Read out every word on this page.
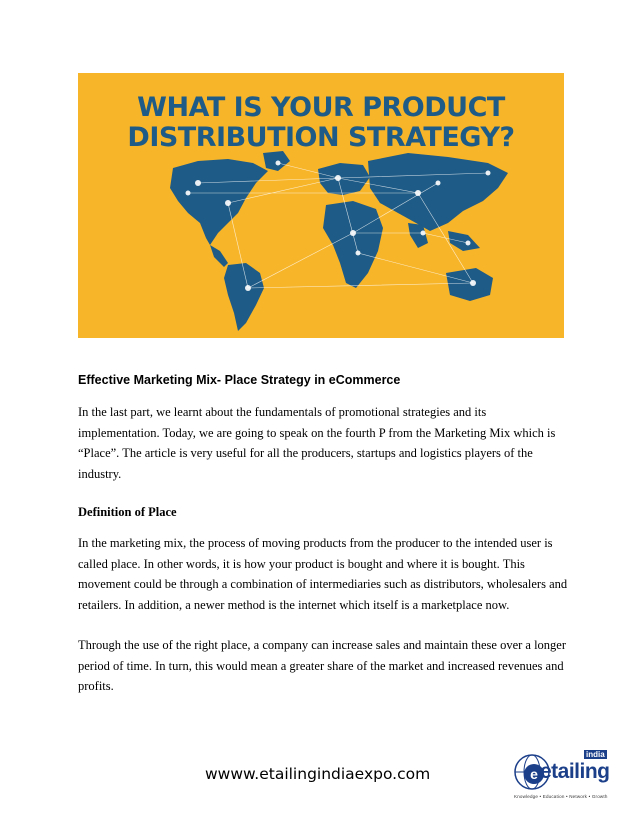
WHAT IS YOUR PRODUCT
DISTRIBUTION STRATEGY?
Effective Marketing Mix- Place Strategy in eCommerce

In the last part, we learnt about the fundamentals of promotional strategies and its implementation. Today, we are going to speak on the fourth P from the Marketing Mix which is “Place”. The article is very useful for all the producers, startups and logistics players of the industry.

Definition of Place

In the marketing mix, the process of moving products from the producer to the intended user is called place. In other words, it is how your product is bought and where it is bought. This movement could be through a combination of intermediaries such as distributors, wholesalers and retailers. In addition, a newer method is the internet which itself is a marketplace now.

Through the use of the right place, a company can increase sales and maintain these over a longer period of time. In turn, this would mean a greater share of the market and increased revenues and profits.

wwww.etailingindiaexpo.com	e etailing
india
Knowledge • Education • Network • Growth
